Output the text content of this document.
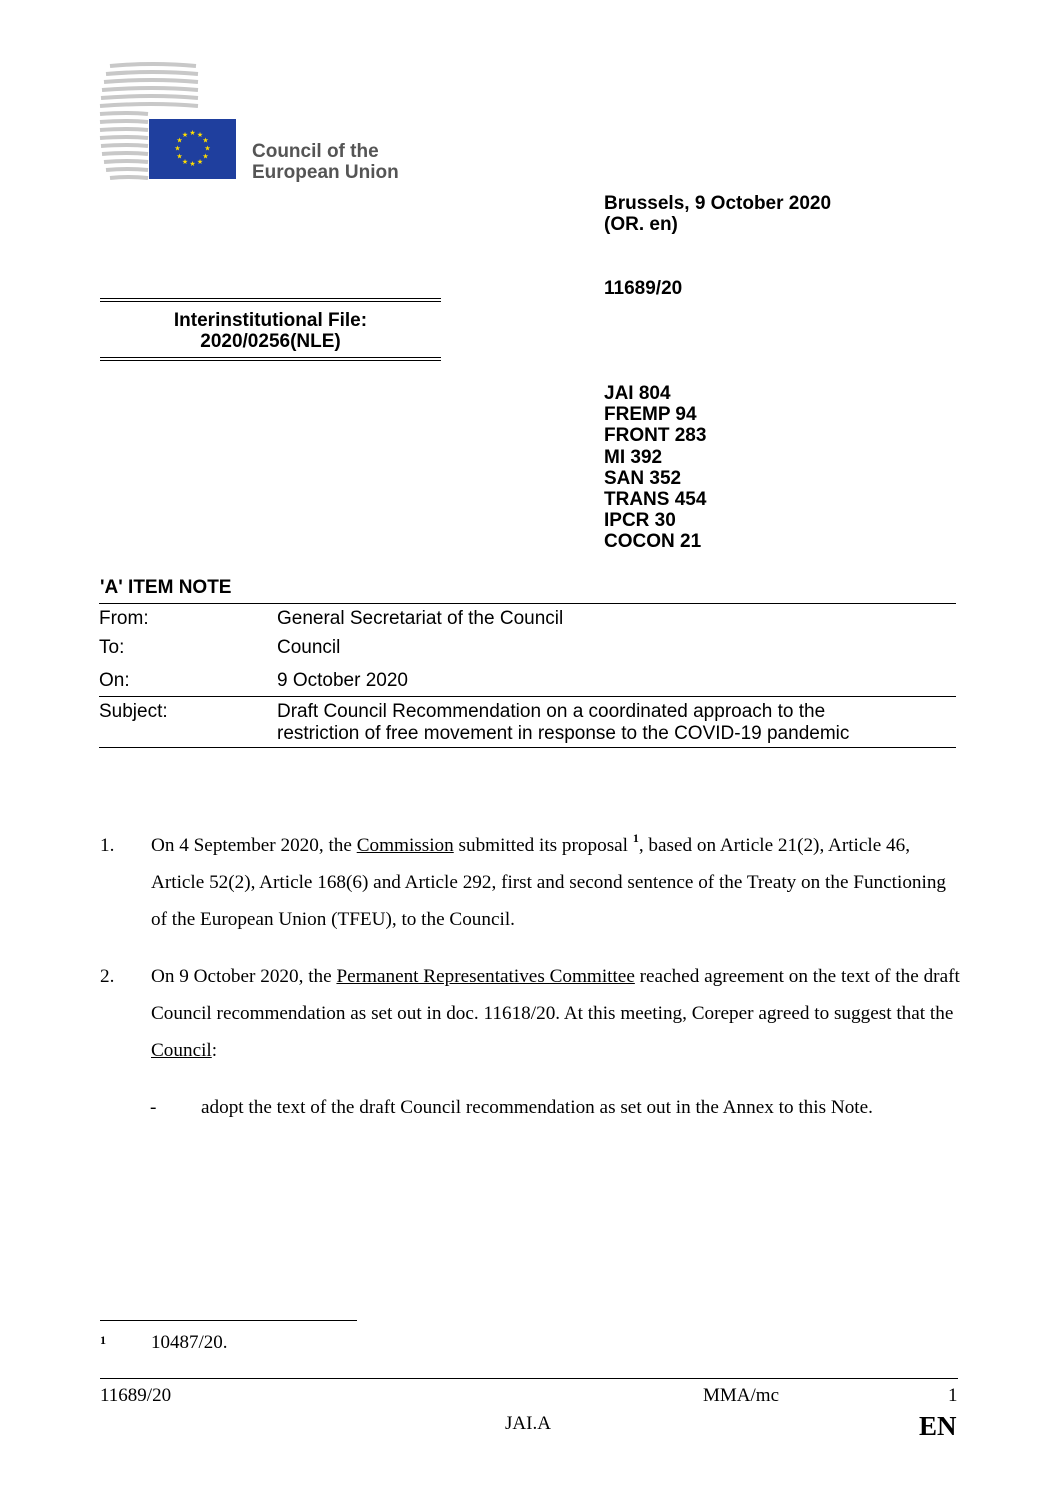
★ ★
★
★
★
★
★
★
★
★
★
★
Council of the
European Union
Brussels, 9 October 2020
(OR. en)
11689/20
Interinstitutional File:
2020/0256(NLE)
JAI 804
FREMP 94
FRONT 283
MI 392
SAN 352
TRANS 454
IPCR 30
COCON 21
'A' ITEM NOTE
From:	General Secretariat of the Council
To:	Council
On:	9 October 2020
Subject:	Draft Council Recommendation on a coordinated approach to the
restriction of free movement in response to the COVID-19 pandemic
1. On 4 September 2020, the Commission submitted its proposal $^1$, based on Article 21(2), Article 46, Article 52(2), Article 168(6) and Article 292, first and second sentence of the Treaty on the Functioning of the European Union (TFEU), to the Council.
2. On 9 October 2020, the Permanent Representatives Committee reached agreement on the text of the draft Council recommendation as set out in doc. 11618/20. At this meeting, Coreper agreed to suggest that the Council:
- adopt the text of the draft Council recommendation as set out in the Annex to this Note.
1 10487/20.
11689/20	MMA/mc	1
JAI.A	EN
